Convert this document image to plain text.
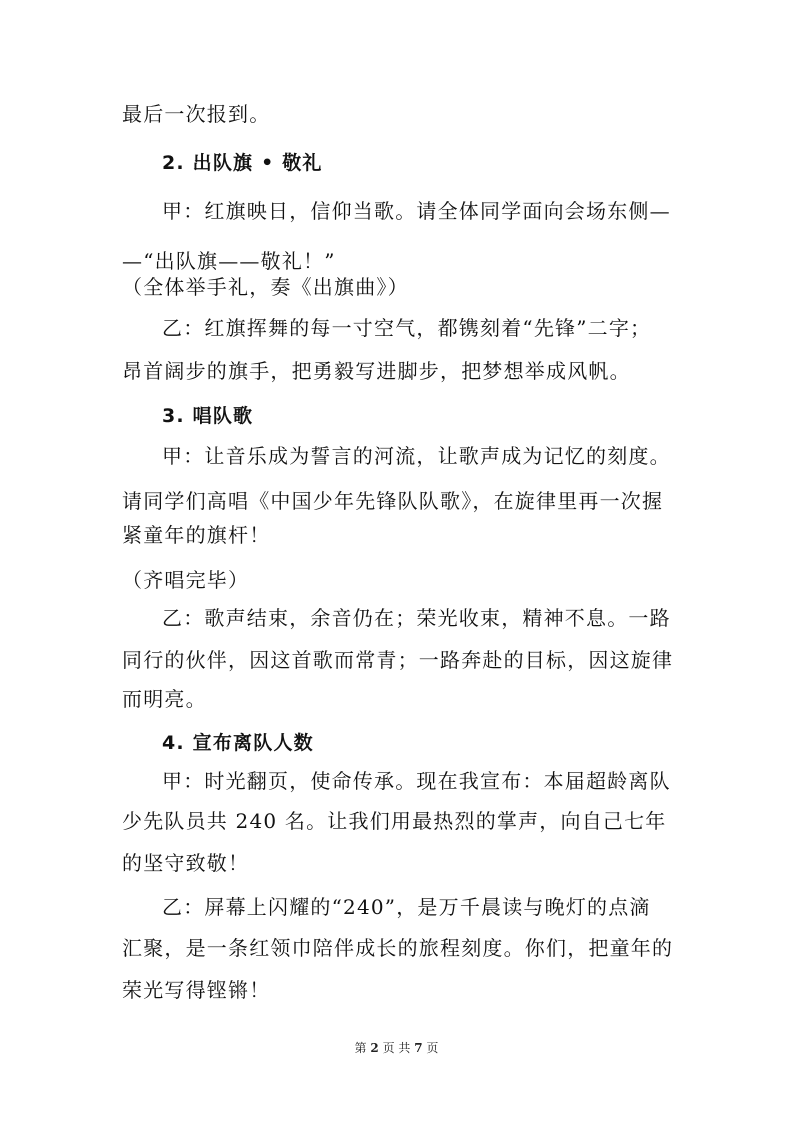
最后一次报到。
2. 出队旗 • 敬礼
甲：红旗映日，信仰当歌。请全体同学面向会场东侧—
—“出队旗——敬礼！”
（全体举手礼，奏《出旗曲》）
乙：红旗挥舞的每一寸空气，都镌刻着“先锋”二字；
昂首阔步的旗手，把勇毅写进脚步，把梦想举成风帆。
3. 唱队歌
甲：让音乐成为誓言的河流，让歌声成为记忆的刻度。
请同学们高唱《中国少年先锋队队歌》，在旋律里再一次握
紧童年的旗杆！
（齐唱完毕）
乙：歌声结束，余音仍在；荣光收束，精神不息。一路
同行的伙伴，因这首歌而常青；一路奔赴的目标，因这旋律
而明亮。
4. 宣布离队人数
甲：时光翻页，使命传承。现在我宣布：本届超龄离队
少先队员共 240 名。让我们用最热烈的掌声，向自己七年
的坚守致敬！
乙：屏幕上闪耀的“240”，是万千晨读与晚灯的点滴
汇聚，是一条红领巾陪伴成长的旅程刻度。你们，把童年的
荣光写得铿锵！
第 2 页 共 7 页
